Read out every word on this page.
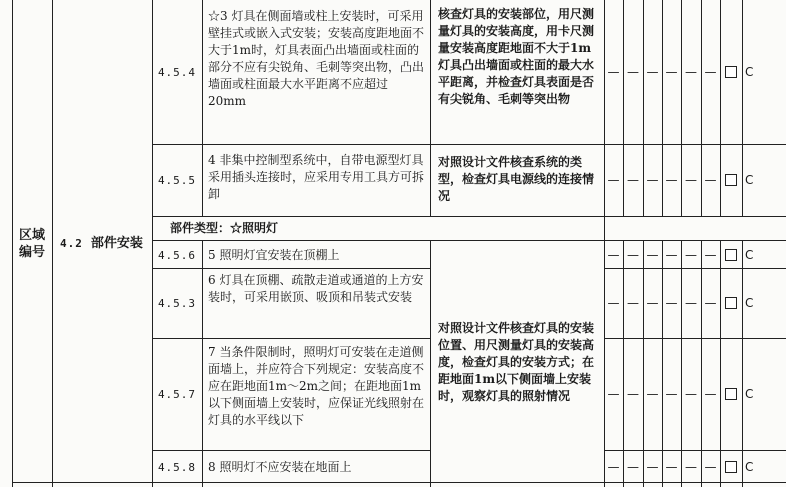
区域编号
4.2 部件安装
4.5.4
☆3 灯具在侧面墙或柱上安装时，可采用壁挂式或嵌入式安装；安装高度距地面不大于1m时，灯具表面凸出墙面或柱面的部分不应有尖锐角、毛刺等突出物，凸出墙面或柱面最大水平距离不应超过20mm
核查灯具的安装部位，用尺测量灯具的安装高度，用卡尺测量安装高度距地面不大于1m灯具凸出墙面或柱面的最大水平距离，并检查灯具表面是否有尖锐角、毛刺等突出物
4.5.5
4 非集中控制型系统中，自带电源型灯具采用插头连接时，应采用专用工具方可拆卸
对照设计文件核查系统的类型，检查灯具电源线的连接情况
部件类型：☆照明灯
4.5.6 5 照明灯宜安装在顶棚上
4.5.3
6 灯具在顶棚、疏散走道或通道的上方安装时，可采用嵌顶、吸顶和吊装式安装
4.5.7
7 当条件限制时，照明灯可安装在走道侧面墙上，并应符合下列规定：安装高度不应在距地面1m～2m之间；在距地面1m以下侧面墙上安装时，应保证光线照射在灯具的水平线以下
4.5.8 8 照明灯不应安装在地面上
对照设计文件核查灯具的安装位置、用尺测量灯具的安装高度，检查灯具的安装方式；在距地面1m以下侧面墙上安装时，观察灯具的照射情况
— — — — — — C
— — — — — — C
— — — — — — C
— — — — — — C
— — — — — — C
— — — — — — C
